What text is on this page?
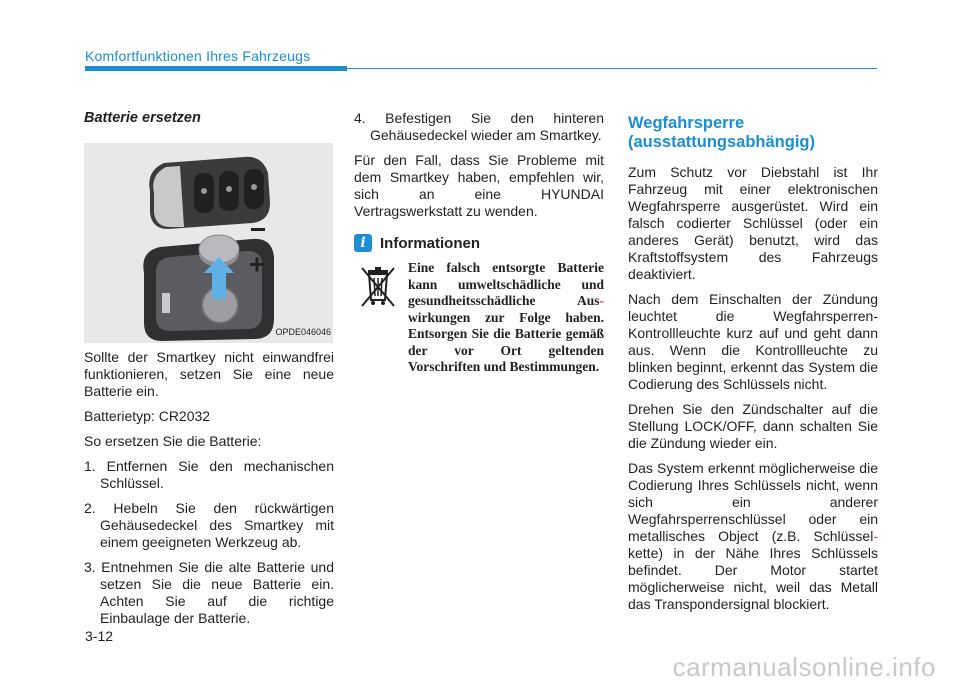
Komfortfunktionen Ihres Fahrzeugs
Batterie ersetzen
OPDE046046

Sollte der Smartkey nicht einwandfrei funktionieren, setzen Sie eine neue Batterie ein.

Batterietyp: CR2032

So ersetzen Sie die Batterie:

1. Entfernen Sie den mechanischen Schlüssel.
2. Hebeln Sie den rückwärtigen Gehäusedeckel des Smartkey mit einem geeigneten Werkzeug ab.
3. Entnehmen Sie die alte Batterie und setzen Sie die neue Batterie ein. Achten Sie auf die richtige Einbaulage der Batterie.
4. Befestigen Sie den hinteren Gehäusedeckel wieder am Smartkey.

Für den Fall, dass Sie Probleme mit dem Smartkey haben, empfehlen wir, sich an eine HYUNDAI Vertragswerkstatt zu wenden.

i Informationen
Eine falsch entsorgte Batterie kann umweltschädliche und gesundheitsschädliche Aus- wirkungen zur Folge haben. Entsorgen Sie die Batterie gemäß der vor Ort geltenden Vorschriften und Bestimmungen.
Wegfahrsperre (ausstattungsabhängig)

Zum Schutz vor Diebstahl ist Ihr Fahrzeug mit einer elektronischen Wegfahrsperre ausgerüstet. Wird ein falsch codierter Schlüssel (oder ein anderes Gerät) benutzt, wird das Kraftstoffsystem des Fahrzeugs deaktiviert.

Nach dem Einschalten der Zündung leuchtet die Wegfahrsperren-Kontrollleuchte kurz auf und geht dann aus. Wenn die Kontrollleuchte zu blinken beginnt, erkennt das System die Codierung des Schlüssels nicht.

Drehen Sie den Zündschalter auf die Stellung LOCK/OFF, dann schalten Sie die Zündung wieder ein.

Das System erkennt möglicherweise die Codierung Ihres Schlüssels nicht, wenn sich ein anderer Wegfahrsperrenschlüssel oder ein metallisches Object (z.B. Schlüssel-kette) in der Nähe Ihres Schlüssels befindet. Der Motor startet möglicherweise nicht, weil das Metall das Transpondersignal blockiert.

3-12
carmanualsonline.info
